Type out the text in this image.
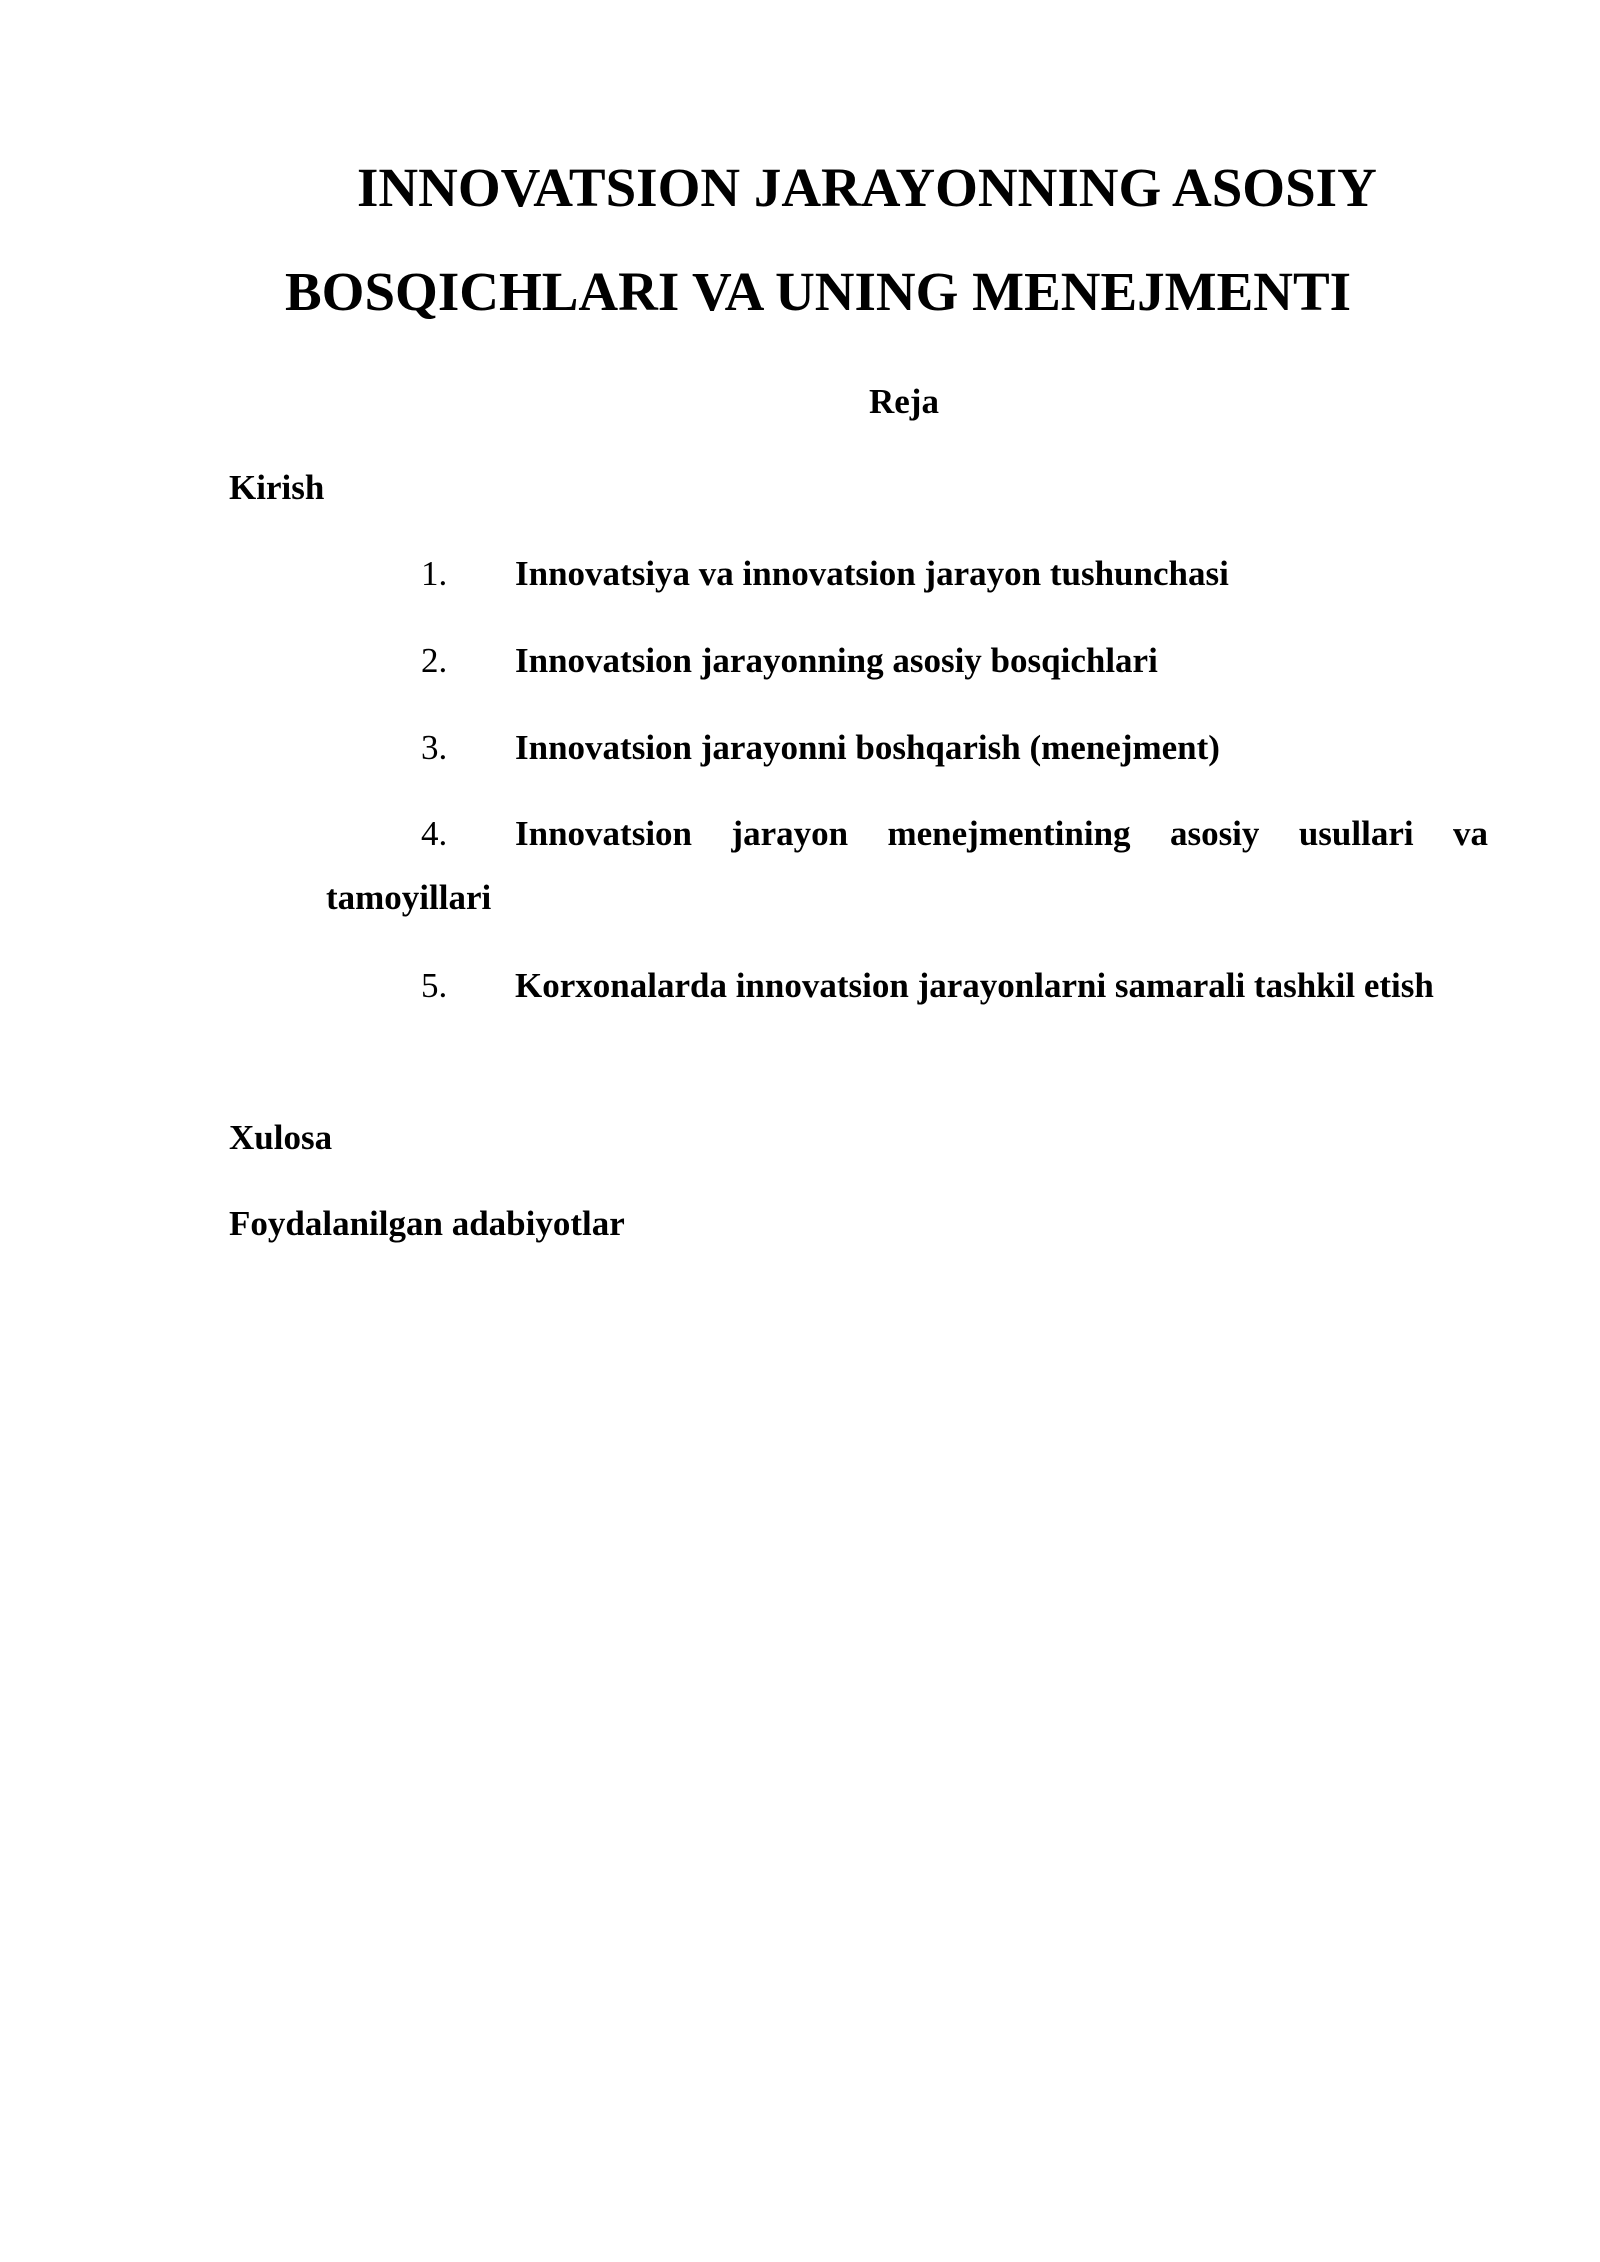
INNOVATSION JARAYONNING ASOSIY
BOSQICHLARI VA UNING MENEJMENTI
Reja
Kirish
1.	Innovatsiya va innovatsion jarayon tushunchasi
2.	Innovatsion jarayonning asosiy bosqichlari
3.	Innovatsion jarayonni boshqarish (menejment)
4.	Innovatsion jarayon menejmentining asosiy usullari va tamoyillari
5.	Korxonalarda innovatsion jarayonlarni samarali tashkil etish
Xulosa
Foydalanilgan adabiyotlar
